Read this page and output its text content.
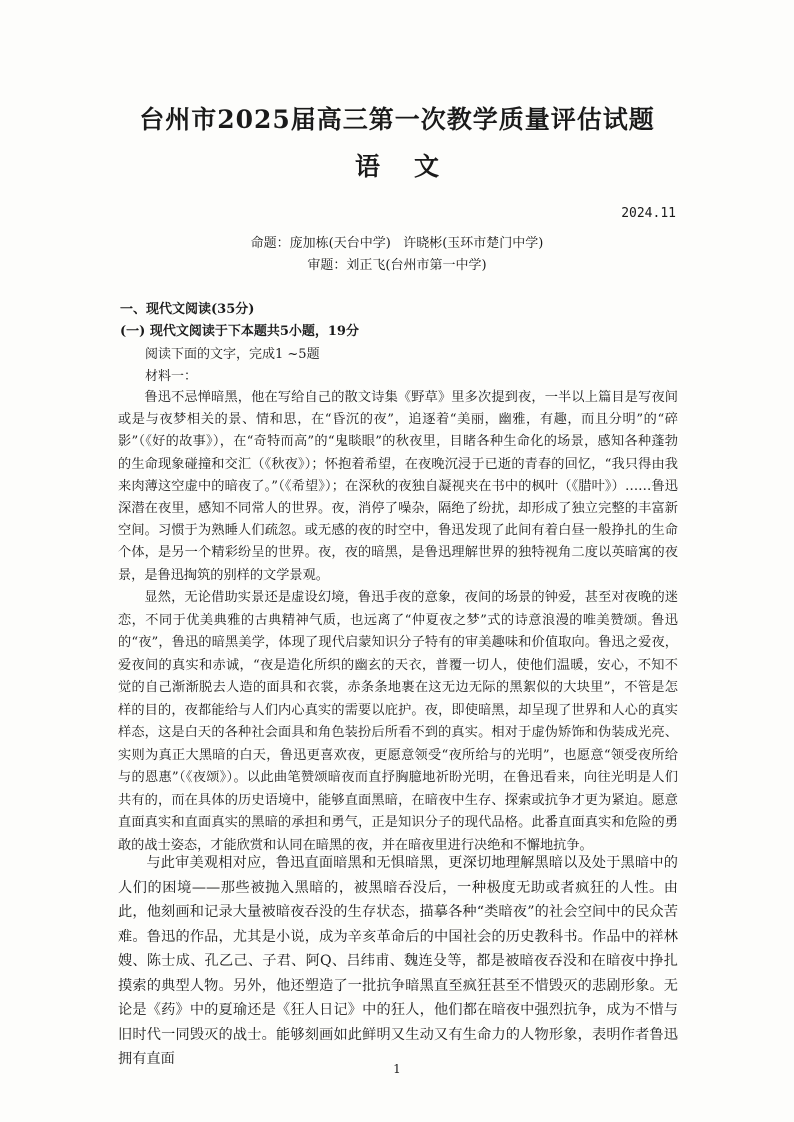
台州市2025届高三第一次教学质量评估试题
语文
2024.11
命题：庞加栋(天台中学)   许晓彬(玉环市楚门中学)
审题：刘正飞(台州市第一中学)
一、现代文阅读(35分)
(一) 现代文阅读于下本题共5小题，19分
阅读下面的文字，完成1 ~5题
材料一：

鲁迅不忌惮暗黑，他在写给自己的散文诗集《野草》里多次提到夜，一半以上篇目是写夜间或是与夜梦相关的景、情和思，在“昏沉的夜”，追逐着“美丽，幽雅，有趣，而且分明”的“碎影”（《好的故事》），在“奇特而高”的“鬼睒眼”的秋夜里，目睹各种生命化的场景，感知各种蓬勃的生命现象碰撞和交汇（《秋夜》）；怀抱着希望，在夜晚沉浸于已逝的青春的回忆，“我只得由我来肉薄这空虚中的暗夜了。”（《希望》）；在深秋的夜独自凝视夹在书中的枫叶（《腊叶》）……鲁迅深潜在夜里，感知不同常人的世界。夜，消停了噪杂，隔绝了纷扰，却形成了独立完整的丰富新空间。习惯于为熟睡人们疏忽。或无感的夜的时空中，鲁迅发现了此间有着白昼一般挣扎的生命个体，是另一个精彩纷呈的世界。夜，夜的暗黑，是鲁迅理解世界的独特视角二度以英暗寓的夜景，是鲁迅掏筑的别样的文学景观。

显然，无论借助实景还是虚设幻境，鲁迅手夜的意象，夜间的场景的钟爱，甚至对夜晚的迷恋，不同于优美典雅的古典精神气质，也远离了“仲夏夜之梦”式的诗意浪漫的唯美赞颂。鲁迅的“夜”，鲁迅的暗黑美学，体现了现代启蒙知识分子特有的审美趣味和价值取向。鲁迅之爱夜，爱夜间的真实和赤诚，“夜是造化所织的幽玄的天衣，普覆一切人，使他们温暖，安心，不知不觉的自己渐渐脱去人造的面具和衣裳，赤条条地裹在这无边无际的黑絮似的大块里”，不管是怎样的目的，夜都能给与人们内心真实的需要以庇护。夜，即使暗黑，却呈现了世界和人心的真实样态，这是白天的各种社会面具和角色装扮后所看不到的真实。相对于虚伪矫饰和伪装成光亮、实则为真正大黑暗的白天，鲁迅更喜欢夜，更愿意领受“夜所给与的光明”，也愿意“领受夜所给与的恩惠”（《夜颂》）。以此曲笔赞颂暗夜而直抒胸臆地祈盼光明，在鲁迅看来，向往光明是人们共有的，而在具体的历史语境中，能够直面黑暗，在暗夜中生存、探索或抗争才更为紧迫。愿意直面真实和直面真实的黑暗的承担和勇气，正是知识分子的现代品格。此番直面真实和危险的勇敢的战士姿态，才能欣赏和认同在暗黑的夜，并在暗夜里进行决绝和不懈地抗争。

与此审美观相对应，鲁迅直面暗黑和无惧暗黑，更深切地理解黑暗以及处于黑暗中的人们的困境——那些被抛入黑暗的，被黑暗吞没后，一种极度无助或者疯狂的人性。由此，他刻画和记录大量被暗夜吞没的生存状态，描摹各种“类暗夜”的社会空间中的民众苦难。鲁迅的作品，尤其是小说，成为辛亥革命后的中国社会的历史教科书。作品中的祥林嫂、陈士成、孔乙己、子君、阿Q、吕纬甫、魏连殳等，都是被暗夜吞没和在暗夜中挣扎摸索的典型人物。另外，他还塑造了一批抗争暗黑直至疯狂甚至不惜毁灭的悲剧形象。无论是《药》中的夏瑜还是《狂人日记》中的狂人，他们都在暗夜中强烈抗争，成为不惜与旧时代一同毁灭的战士。能够刻画如此鲜明又生动又有生命力的人物形象，表明作者鲁迅拥有直面

1
